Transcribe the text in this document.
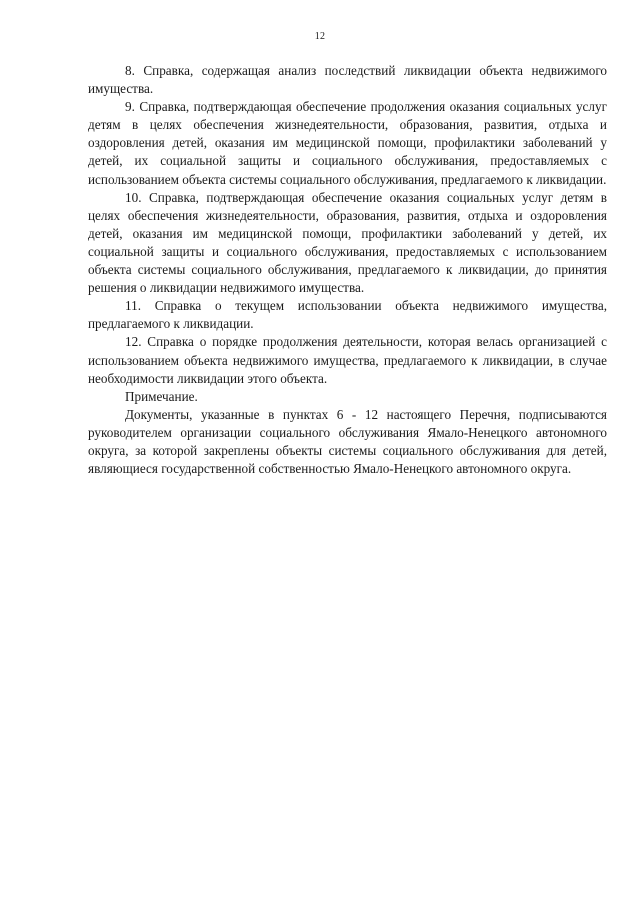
12

8. Справка, содержащая анализ последствий ликвидации объекта недвижимого имущества.

9. Справка, подтверждающая обеспечение продолжения оказания социальных услуг детям в целях обеспечения жизнедеятельности, образования, развития, отдыха и оздоровления детей, оказания им медицинской помощи, профилактики заболеваний у детей, их социальной защиты и социального обслуживания, предоставляемых с использованием объекта системы социального обслуживания, предлагаемого к ликвидации.

10. Справка, подтверждающая обеспечение оказания социальных услуг детям в целях обеспечения жизнедеятельности, образования, развития, отдыха и оздоровления детей, оказания им медицинской помощи, профилактики заболеваний у детей, их социальной защиты и социального обслуживания, предоставляемых с использованием объекта системы социального обслуживания, предлагаемого к ликвидации, до принятия решения о ликвидации недвижимого имущества.

11. Справка о текущем использовании объекта недвижимого имущества, предлагаемого к ликвидации.

12. Справка о порядке продолжения деятельности, которая велась организацией с использованием объекта недвижимого имущества, предлагаемого к ликвидации, в случае необходимости ликвидации этого объекта.

Примечание.

Документы, указанные в пунктах 6 - 12 настоящего Перечня, подписываются руководителем организации социального обслуживания Ямало-Ненецкого автономного округа, за которой закреплены объекты системы социального обслуживания для детей, являющиеся государственной собственностью Ямало-Ненецкого автономного округа.
